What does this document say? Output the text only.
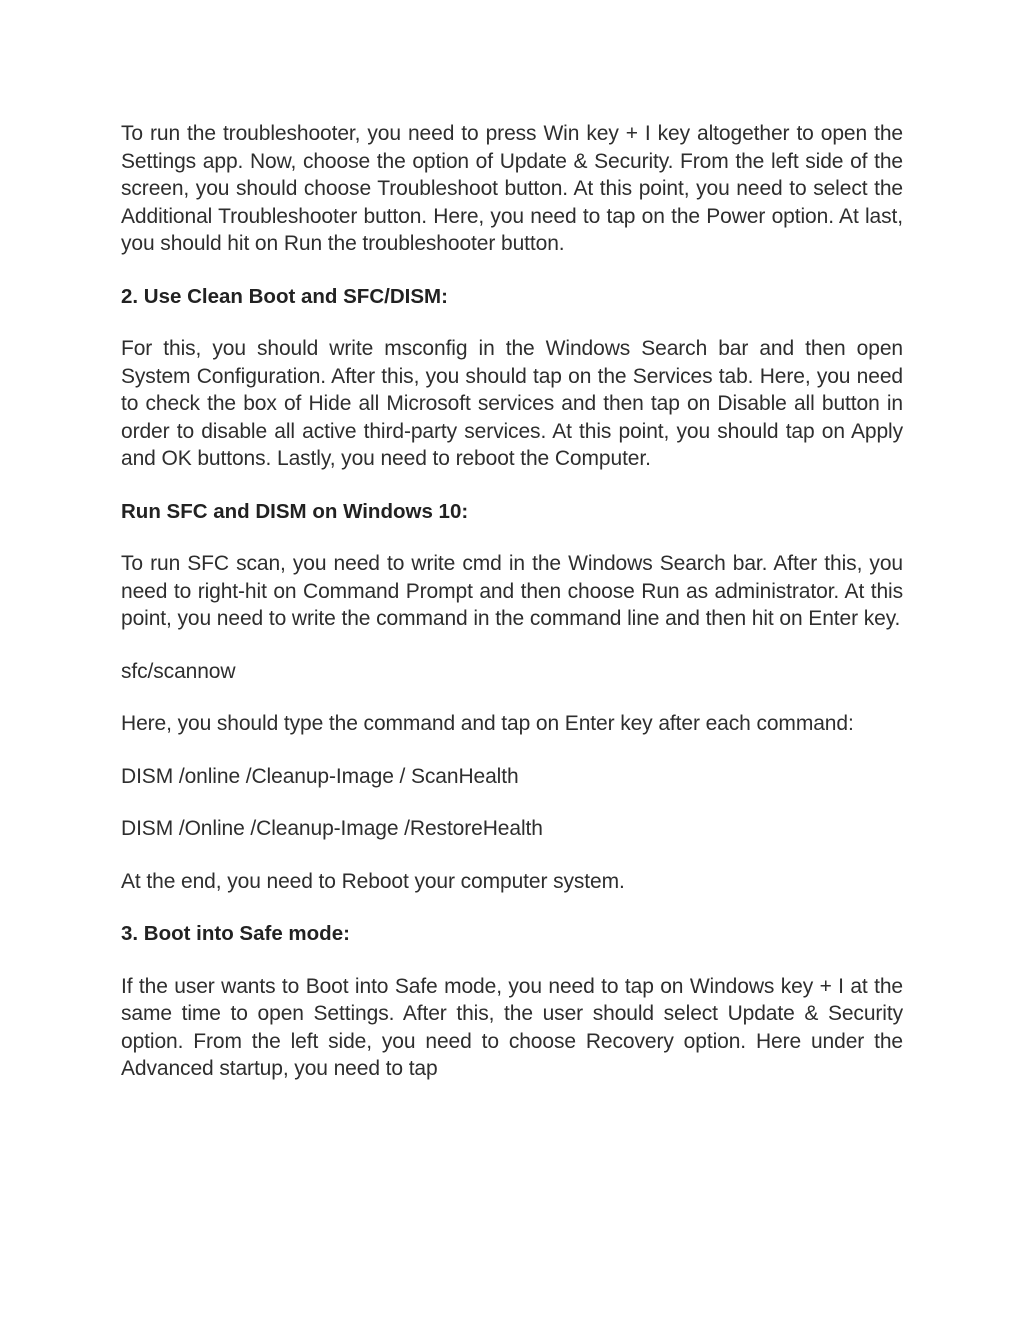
To run the troubleshooter, you need to press Win key + I key altogether to open the Settings app. Now, choose the option of Update & Security. From the left side of the screen, you should choose Troubleshoot button. At this point, you need to select the Additional Troubleshooter button. Here, you need to tap on the Power option. At last, you should hit on Run the troubleshooter button.

2. Use Clean Boot and SFC/DISM:

For this, you should write msconfig in the Windows Search bar and then open System Configuration. After this, you should tap on the Services tab. Here, you need to check the box of Hide all Microsoft services and then tap on Disable all button in order to disable all active third-party services. At this point, you should tap on Apply and OK buttons. Lastly, you need to reboot the Computer.

Run SFC and DISM on Windows 10:

To run SFC scan, you need to write cmd in the Windows Search bar. After this, you need to right-hit on Command Prompt and then choose Run as administrator. At this point, you need to write the command in the command line and then hit on Enter key.

sfc/scannow

Here, you should type the command and tap on Enter key after each command:

DISM /online /Cleanup-Image / ScanHealth

DISM /Online /Cleanup-Image /RestoreHealth

At the end, you need to Reboot your computer system.

3. Boot into Safe mode:

If the user wants to Boot into Safe mode, you need to tap on Windows key + I at the same time to open Settings. After this, the user should select Update & Security option. From the left side, you need to choose Recovery option. Here under the Advanced startup, you need to tap
